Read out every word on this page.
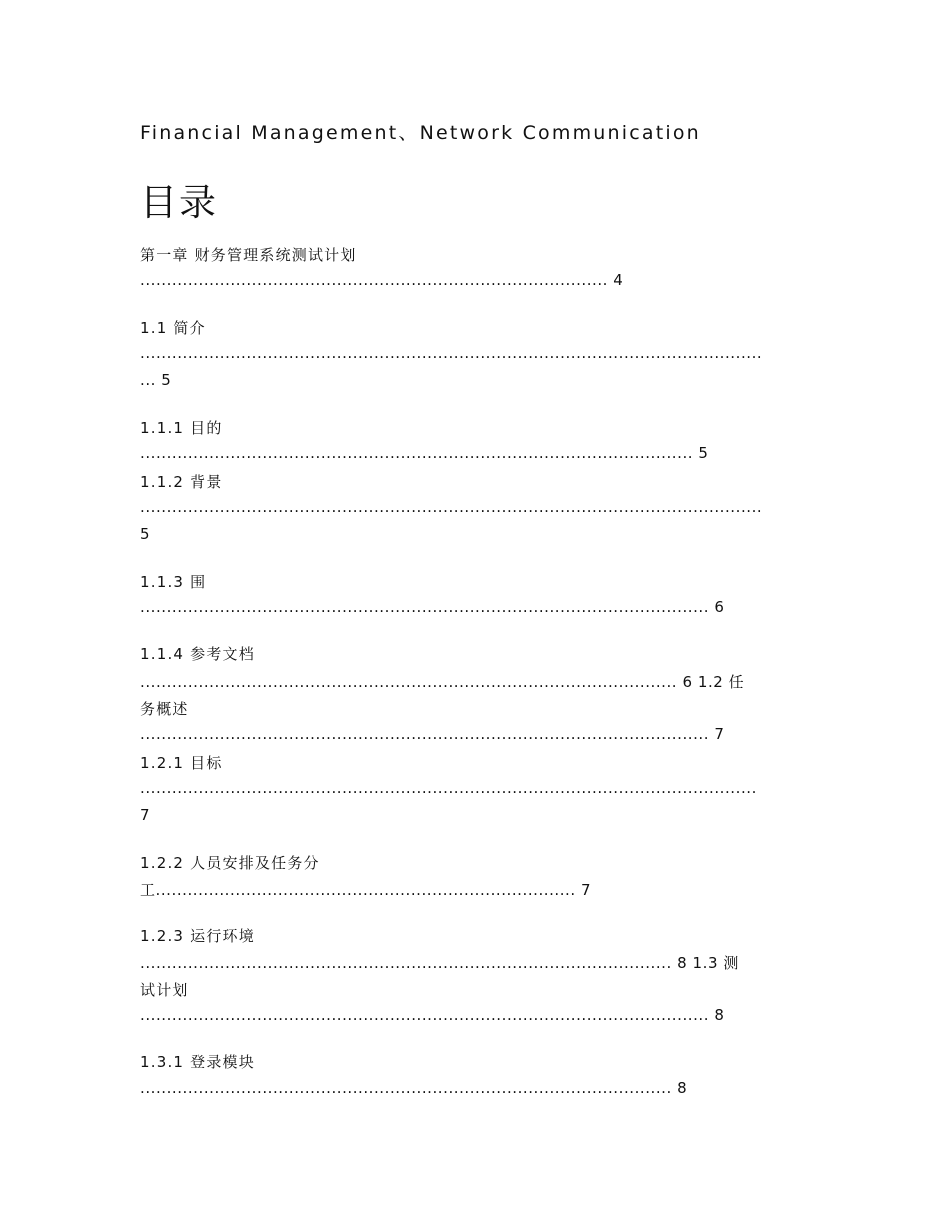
Financial Management、Network Communication
目录
第一章 财务管理系统测试计划
........................................................................................ 4
1.1 简介
.....................................................................................................................
... 5
1.1.1 目的
........................................................................................................ 5
1.1.2 背景
.....................................................................................................................
5
1.1.3 围
........................................................................................................... 6
1.1.4 参考文档
..................................................................................................... 6 1.2 任
务概述
........................................................................................................... 7
1.2.1 目标
....................................................................................................................
7
1.2.2 人员安排及任务分
工............................................................................... 7
1.2.3 运行环境
.................................................................................................... 8 1.3 测
试计划
........................................................................................................... 8
1.3.1 登录模块
.................................................................................................... 8
